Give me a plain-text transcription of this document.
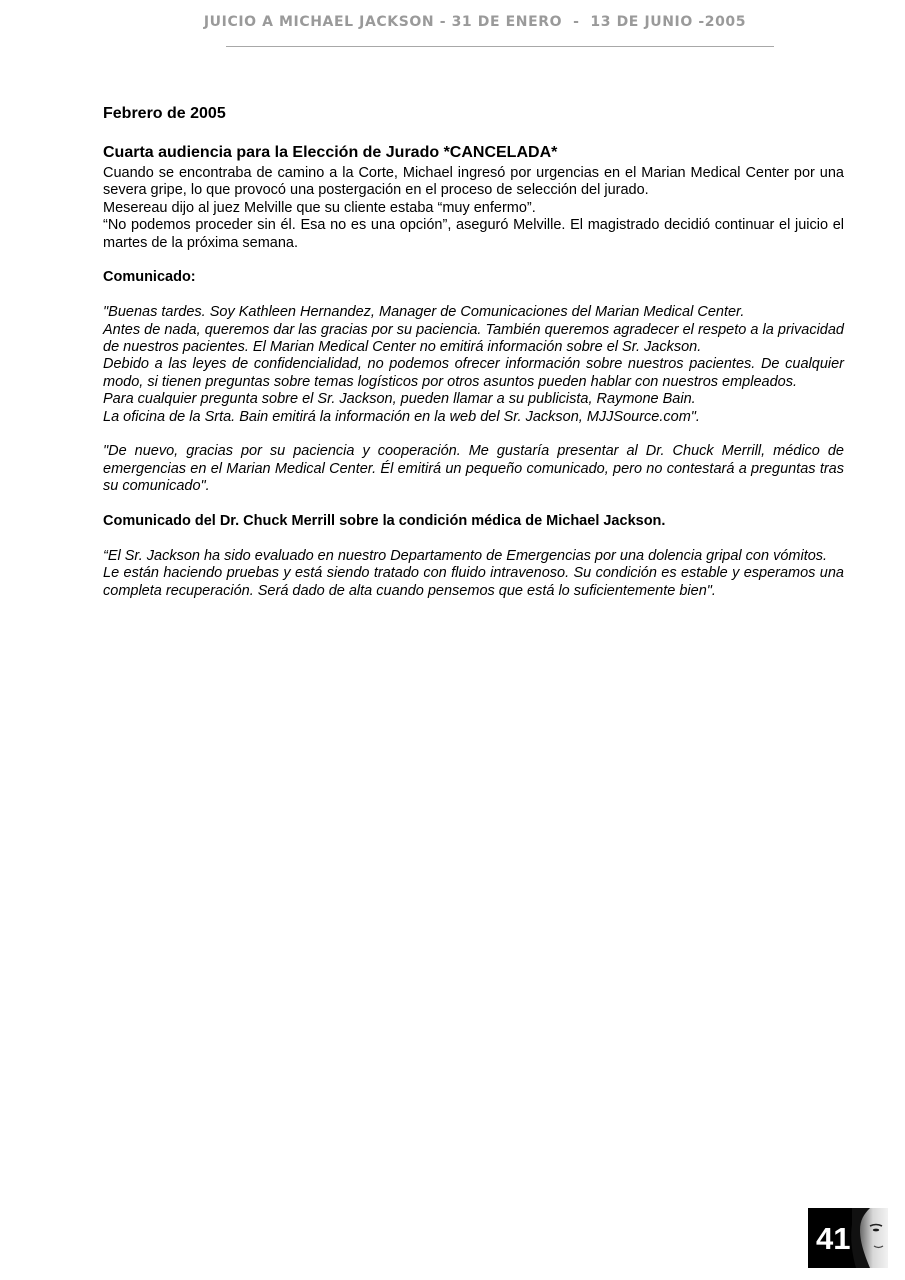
JUICIO A MICHAEL JACKSON - 31 DE ENERO  -  13 DE JUNIO -2005
Febrero de 2005
Cuarta audiencia para la Elección de Jurado *CANCELADA*

Cuando se encontraba de camino a la Corte, Michael ingresó por urgencias en el Marian Medical Center por una severa gripe, lo que provocó una postergación en el proceso de selección del jurado.

Mesereau dijo al juez Melville que su cliente estaba “muy enfermo”.

“No podemos proceder sin él. Esa no es una opción”, aseguró Melville. El magistrado decidió continuar el juicio el martes de la próxima semana.

Comunicado:

"Buenas tardes. Soy Kathleen Hernandez, Manager de Comunicaciones del Marian Medical Center.

Antes de nada, queremos dar las gracias por su paciencia. También queremos agradecer el respeto a la privacidad de nuestros pacientes. El Marian Medical Center no emitirá información sobre el Sr. Jackson.

Debido a las leyes de confidencialidad, no podemos ofrecer información sobre nuestros pacientes. De cualquier modo, si tienen preguntas sobre temas logísticos por otros asuntos pueden hablar con nuestros empleados.

Para cualquier pregunta sobre el Sr. Jackson, pueden llamar a su publicista, Raymone Bain.

La oficina de la Srta. Bain emitirá la información en la web del Sr. Jackson, MJJSource.com".

"De nuevo, gracias por su paciencia y cooperación. Me gustaría presentar al Dr. Chuck Merrill, médico de emergencias en el Marian Medical Center. Él emitirá un pequeño comunicado, pero no contestará a preguntas tras su comunicado".

Comunicado del Dr. Chuck Merrill sobre la condición médica de Michael Jackson.

“El Sr. Jackson ha sido evaluado en nuestro Departamento de Emergencias por una dolencia gripal con vómitos.

Le están haciendo pruebas y está siendo tratado con fluido intravenoso. Su condición es estable y esperamos una completa recuperación. Será dado de alta cuando pensemos que está lo suficientemente bien".

41
